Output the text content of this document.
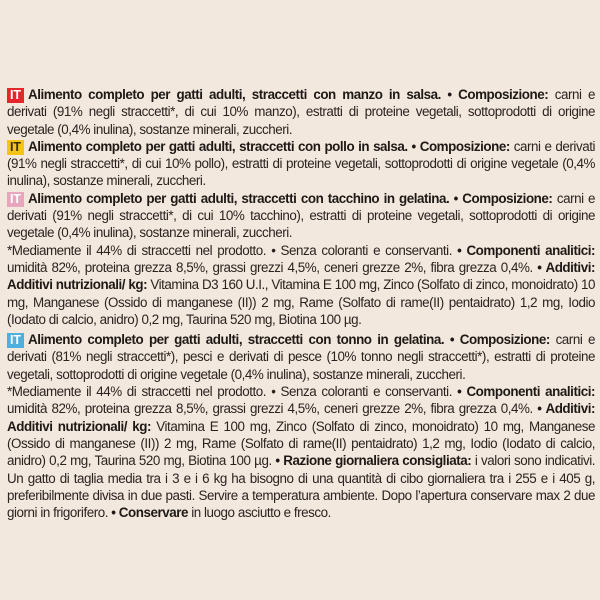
IT Alimento completo per gatti adulti, straccetti con manzo in salsa. • Composizione: carni e derivati (91% negli straccetti*, di cui 10% manzo), estratti di proteine vegetali, sottoprodotti di origine vegetale (0,4% inulina), sostanze minerali, zuccheri.

IT Alimento completo per gatti adulti, straccetti con pollo in salsa. • Composizione: carni e derivati (91% negli straccetti*, di cui 10% pollo), estratti di proteine vegetali, sottoprodotti di origine vegetale (0,4% inulina), sostanze minerali, zuccheri.

IT Alimento completo per gatti adulti, straccetti con tacchino in gelatina. • Composizione: carni e derivati (91% negli straccetti*, di cui 10% tacchino), estratti di proteine vegetali, sottoprodotti di origine vegetale (0,4% inulina), sostanze minerali, zuccheri.

*Mediamente il 44% di straccetti nel prodotto. • Senza coloranti e conservanti. • Componenti analitici: umidità 82%, proteina grezza 8,5%, grassi grezzi 4,5%, ceneri grezze 2%, fibra grezza 0,4%. • Additivi: Additivi nutrizionali/ kg: Vitamina D3 160 U.I., Vitamina E 100 mg, Zinco (Solfato di zinco, monoidrato) 10 mg, Manganese (Ossido di manganese (II)) 2 mg, Rame (Solfato di rame(II) pentaidrato) 1,2 mg, Iodio (Iodato di calcio, anidro) 0,2 mg, Taurina 520 mg, Biotina 100 µg.

IT Alimento completo per gatti adulti, straccetti con tonno in gelatina. • Composizione: carni e derivati (81% negli straccetti*), pesci e derivati di pesce (10% tonno negli straccetti*), estratti di proteine vegetali, sottoprodotti di origine vegetale (0,4% inulina), sostanze minerali, zuccheri.

*Mediamente il 44% di straccetti nel prodotto. • Senza coloranti e conservanti. • Componenti analitici: umidità 82%, proteina grezza 8,5%, grassi grezzi 4,5%, ceneri grezze 2%, fibra grezza 0,4%. • Additivi: Additivi nutrizionali/ kg: Vitamina E 100 mg, Zinco (Solfato di zinco, monoidrato) 10 mg, Manganese (Ossido di manganese (II)) 2 mg, Rame (Solfato di rame(II) pentaidrato) 1,2 mg, Iodio (Iodato di calcio, anidro) 0,2 mg, Taurina 520 mg, Biotina 100 µg. • Razione giornaliera consigliata: i valori sono indicativi. Un gatto di taglia media tra i 3 e i 6 kg ha bisogno di una quantità di cibo giornaliera tra i 255 e i 405 g, preferibilmente divisa in due pasti. Servire a temperatura ambiente. Dopo l’apertura conservare max 2 due giorni in frigorifero. • Conservare in luogo asciutto e fresco.
